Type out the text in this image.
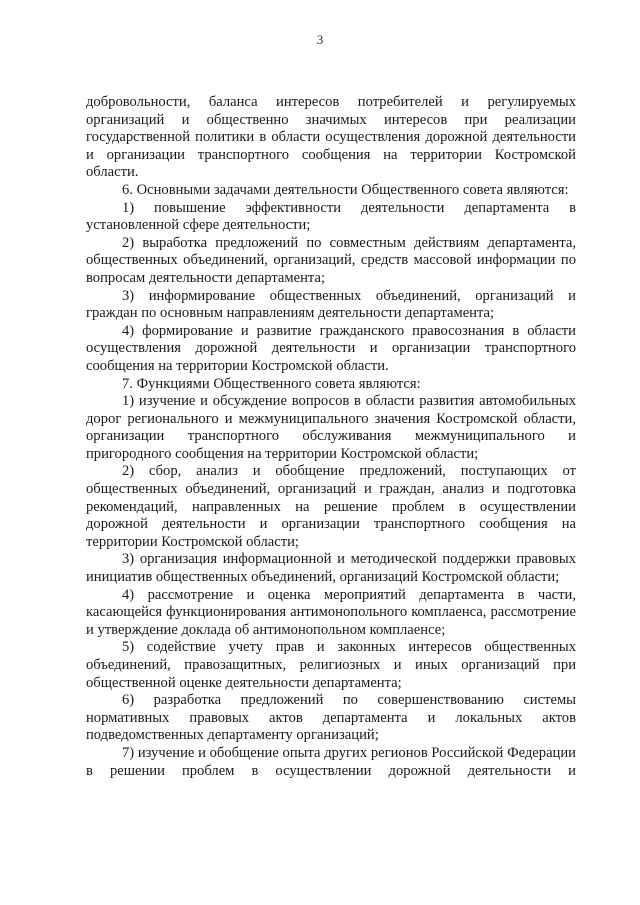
3

добровольности, баланса интересов потребителей и регулируемых организаций и общественно значимых интересов при реализации государственной политики в области осуществления дорожной деятельности и организации транспортного сообщения на территории Костромской области.

6. Основными задачами деятельности Общественного совета являются:

1) повышение эффективности деятельности департамента в установленной сфере деятельности;

2) выработка предложений по совместным действиям департамента, общественных объединений, организаций, средств массовой информации по вопросам деятельности департамента;

3) информирование общественных объединений, организаций и граждан по основным направлениям деятельности департамента;

4) формирование и развитие гражданского правосознания в области осуществления дорожной деятельности и организации транспортного сообщения на территории Костромской области.

7. Функциями Общественного совета являются:

1) изучение и обсуждение вопросов в области развития автомобильных дорог регионального и межмуниципального значения Костромской области, организации транспортного обслуживания межмуниципального и пригородного сообщения на территории Костромской области;

2) сбор, анализ и обобщение предложений, поступающих от общественных объединений, организаций и граждан, анализ и подготовка рекомендаций, направленных на решение проблем в осуществлении дорожной деятельности и организации транспортного сообщения на территории Костромской области;

3) организация информационной и методической поддержки правовых инициатив общественных объединений, организаций Костромской области;

4) рассмотрение и оценка мероприятий департамента в части, касающейся функционирования антимонопольного комплаенса, рассмотрение и утверждение доклада об антимонопольном комплаенсе;

5) содействие учету прав и законных интересов общественных объединений, правозащитных, религиозных и иных организаций при общественной оценке деятельности департамента;

6) разработка предложений по совершенствованию системы нормативных правовых актов департамента и локальных актов подведомственных департаменту организаций;

7) изучение и обобщение опыта других регионов Российской Федерации в решении проблем в осуществлении дорожной деятельности и
